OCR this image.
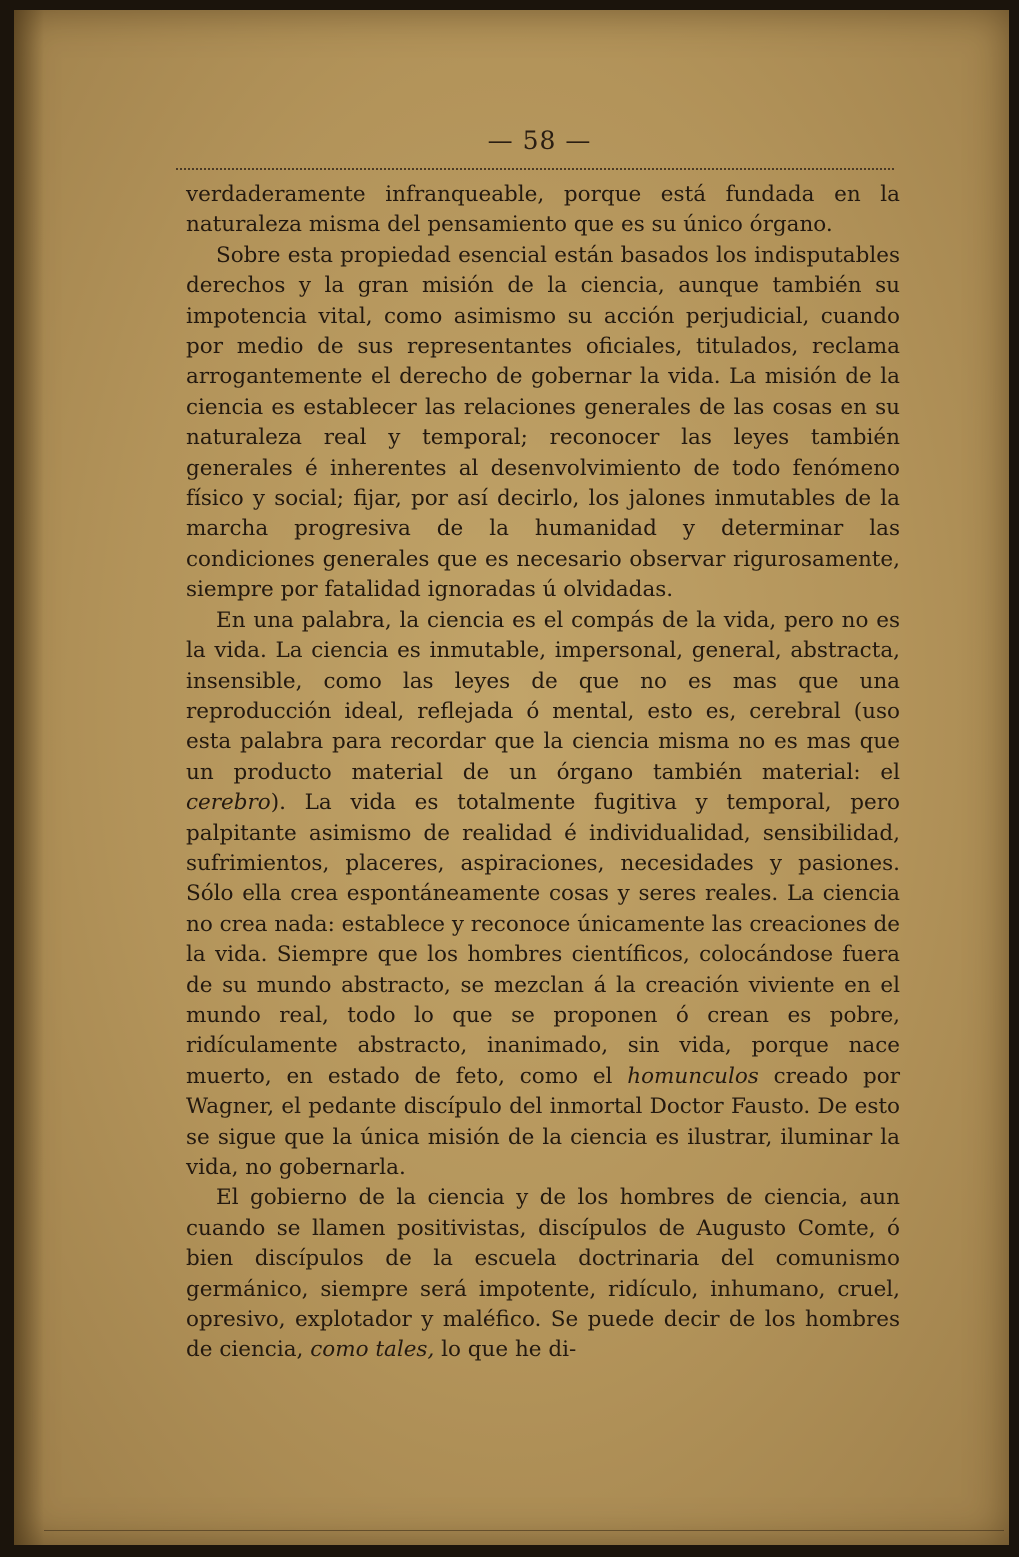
— 58 —

verdaderamente infranqueable, porque está fundada en la naturaleza misma del pensamiento que es su único órgano.

Sobre esta propiedad esencial están basados los indisputables derechos y la gran misión de la ciencia, aunque también su impotencia vital, como asimismo su acción perjudicial, cuando por medio de sus representantes oficiales, titulados, reclama arrogantemente el derecho de gobernar la vida. La misión de la ciencia es establecer las relaciones generales de las cosas en su naturaleza real y temporal; reconocer las leyes también generales é inherentes al desenvolvimiento de todo fenómeno físico y social; fijar, por así decirlo, los jalones inmutables de la marcha progresiva de la humanidad y determinar las condiciones generales que es necesario observar rigurosamente, siempre por fatalidad ignoradas ú olvidadas.

En una palabra, la ciencia es el compás de la vida, pero no es la vida. La ciencia es inmutable, impersonal, general, abstracta, insensible, como las leyes de que no es mas que una reproducción ideal, reflejada ó mental, esto es, cerebral (uso esta palabra para recordar que la ciencia misma no es mas que un producto material de un órgano también material: el cerebro). La vida es totalmente fugitiva y temporal, pero palpitante asimismo de realidad é individualidad, sensibilidad, sufrimientos, placeres, aspiraciones, necesidades y pasiones. Sólo ella crea espontáneamente cosas y seres reales. La ciencia no crea nada: establece y reconoce únicamente las creaciones de la vida. Siempre que los hombres científicos, colocándose fuera de su mundo abstracto, se mezclan á la creación viviente en el mundo real, todo lo que se proponen ó crean es pobre, ridículamente abstracto, inanimado, sin vida, porque nace muerto, en estado de feto, como el homunculos creado por Wagner, el pedante discípulo del inmortal Doctor Fausto. De esto se sigue que la única misión de la ciencia es ilustrar, iluminar la vida, no gobernarla.

El gobierno de la ciencia y de los hombres de ciencia, aun cuando se llamen positivistas, discípulos de Augusto Comte, ó bien discípulos de la escuela doctrinaria del comunismo germánico, siempre será impotente, ridículo, inhumano, cruel, opresivo, explotador y maléfico. Se puede decir de los hombres de ciencia, como tales, lo que he di-
